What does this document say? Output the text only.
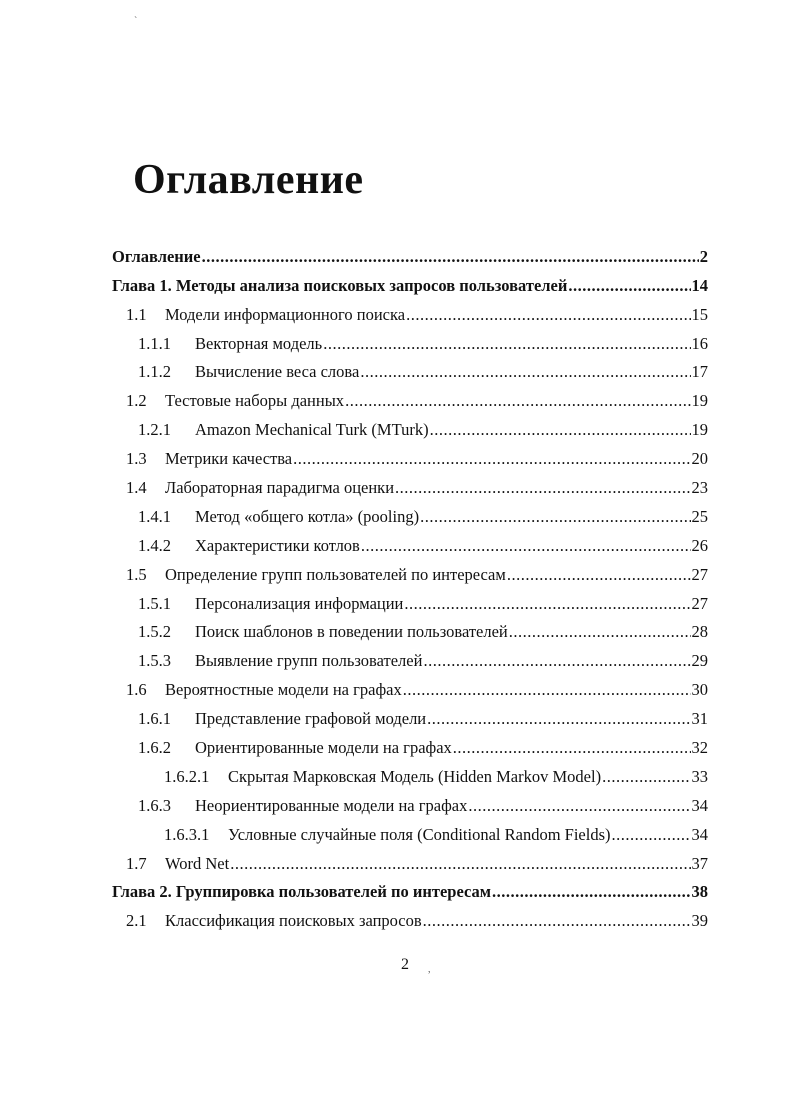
Оглавление
Оглавление .....	2
Глава 1. Методы анализа поисковых запросов пользователей .....	14
1.1	Модели информационного поиска .....	15
1.1.1	Векторная модель .....	16
1.1.2	Вычисление веса слова .....	17
1.2	Тестовые наборы данных .....	19
1.2.1	Amazon Mechanical Turk (MTurk) .....	19
1.3	Метрики качества .....	20
1.4	Лабораторная парадигма оценки .....	23
1.4.1	Метод «общего котла» (pooling) .....	25
1.4.2	Характеристики котлов .....	26
1.5	Определение групп пользователей по интересам .....	27
1.5.1	Персонализация информации .....	27
1.5.2	Поиск шаблонов в поведении пользователей .....	28
1.5.3	Выявление групп пользователей .....	29
1.6	Вероятностные модели на графах .....	30
1.6.1	Представление графовой модели .....	31
1.6.2	Ориентированные модели на графах .....	32
1.6.2.1	Скрытая Марковская Модель (Hidden Markov Model) .....	33
1.6.3	Неориентированные модели на графах .....	34
1.6.3.1	Условные случайные поля (Conditional Random Fields) .....	34
1.7	Word Net .....	37
Глава 2. Группировка пользователей по интересам .....	38
2.1	Классификация поисковых запросов .....	39
2
`
,
